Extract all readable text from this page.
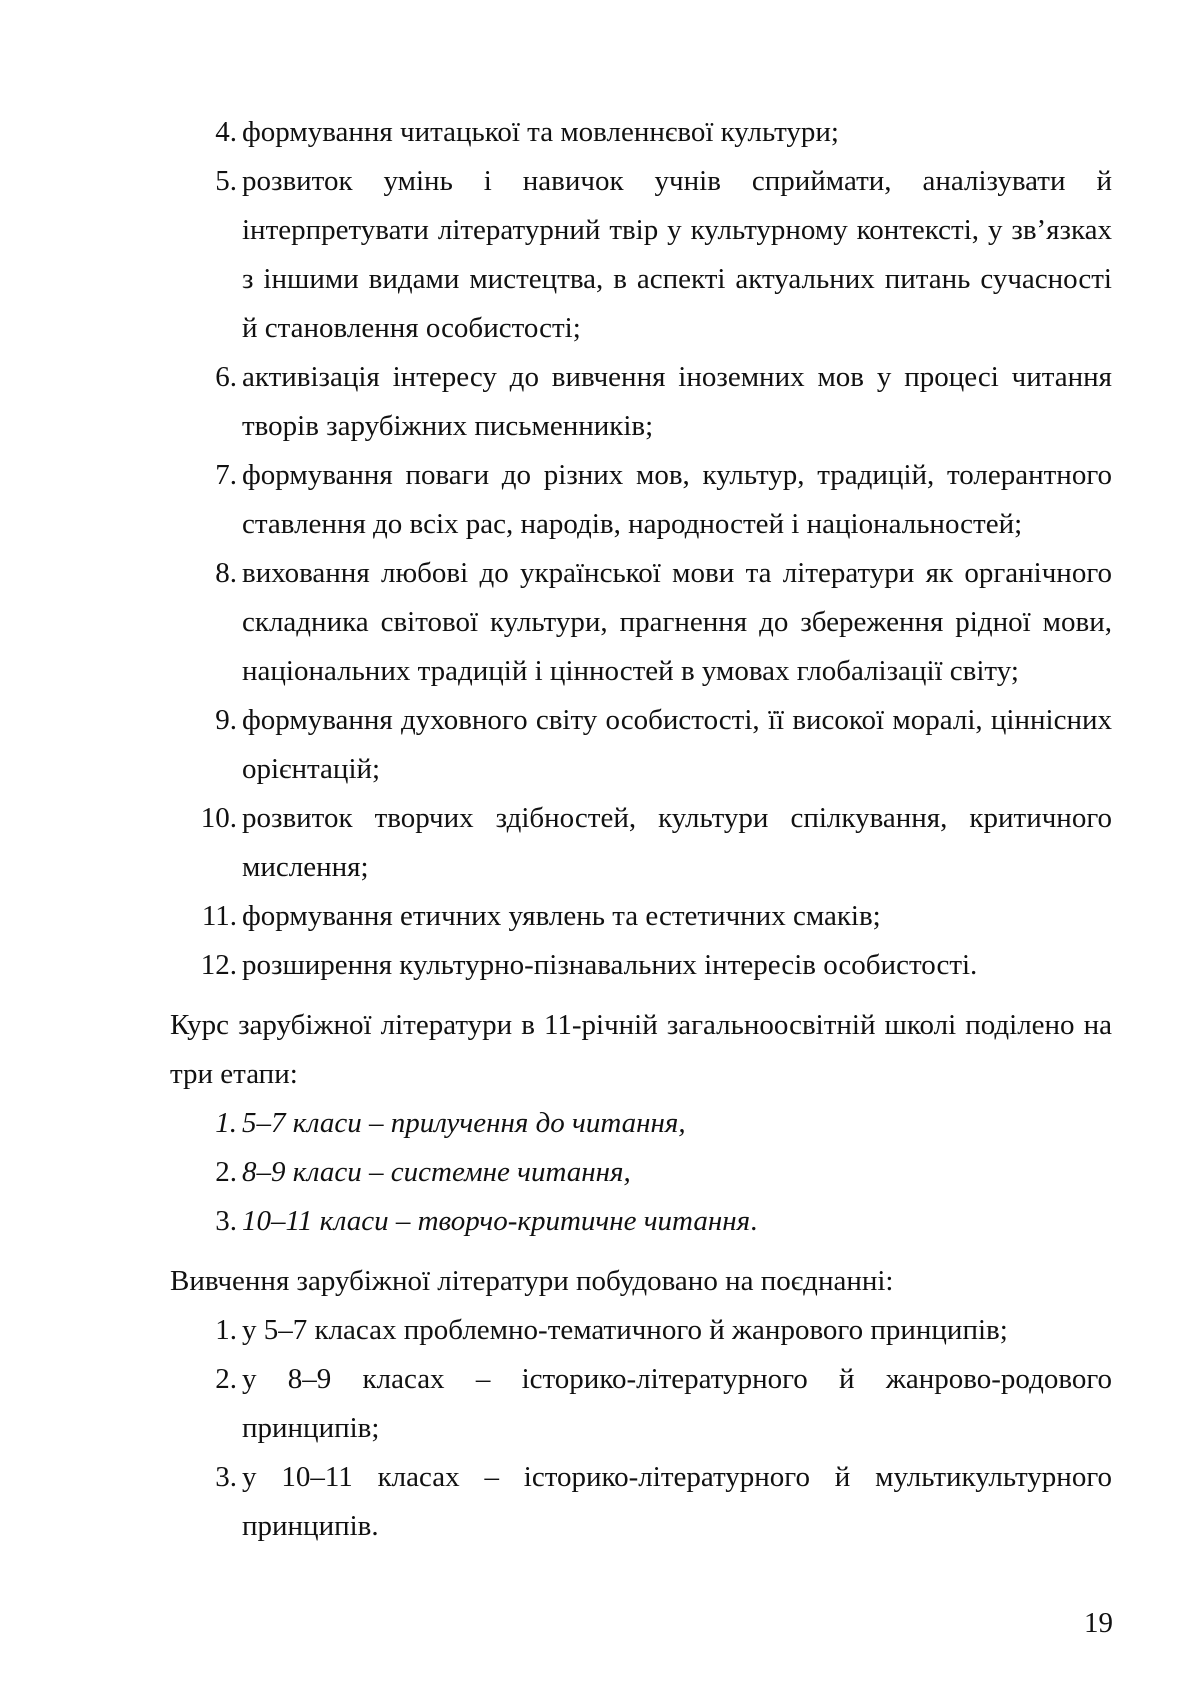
4. формування читацької та мовленнєвої культури;
5. розвиток умінь і навичок учнів сприймати, аналізувати й інтерпретувати літературний твір у культурному контексті, у зв’язках з іншими видами мистецтва, в аспекті актуальних питань сучасності й становлення особистості;
6. активізація інтересу до вивчення іноземних мов у процесі читання творів зарубіжних письменників;
7. формування поваги до різних мов, культур, традицій, толерантного ставлення до всіх рас, народів, народностей і національностей;
8. виховання любові до української мови та літератури як органічного складника світової культури, прагнення до збереження рідної мови, національних традицій і цінностей в умовах глобалізації світу;
9. формування духовного світу особистості, її високої моралі, ціннісних орієнтацій;
10. розвиток творчих здібностей, культури спілкування, критичного мислення;
11. формування етичних уявлень та естетичних смаків;
12. розширення культурно-пізнавальних інтересів особистості.

Курс зарубіжної літератури в 11-річній загальноосвітній школі поділено на три етапи:

1. 5–7 класи – прилучення до читання,
2. 8–9 класи – системне читання,
3. 10–11 класи – творчо-критичне читання.

Вивчення зарубіжної літератури побудовано на поєднанні:

1. у 5–7 класах проблемно-тематичного й жанрового принципів;
2. у 8–9 класах – історико-літературного й жанрово-родового принципів;
3. у 10–11 класах – історико-літературного й мультикультурного принципів.
19
